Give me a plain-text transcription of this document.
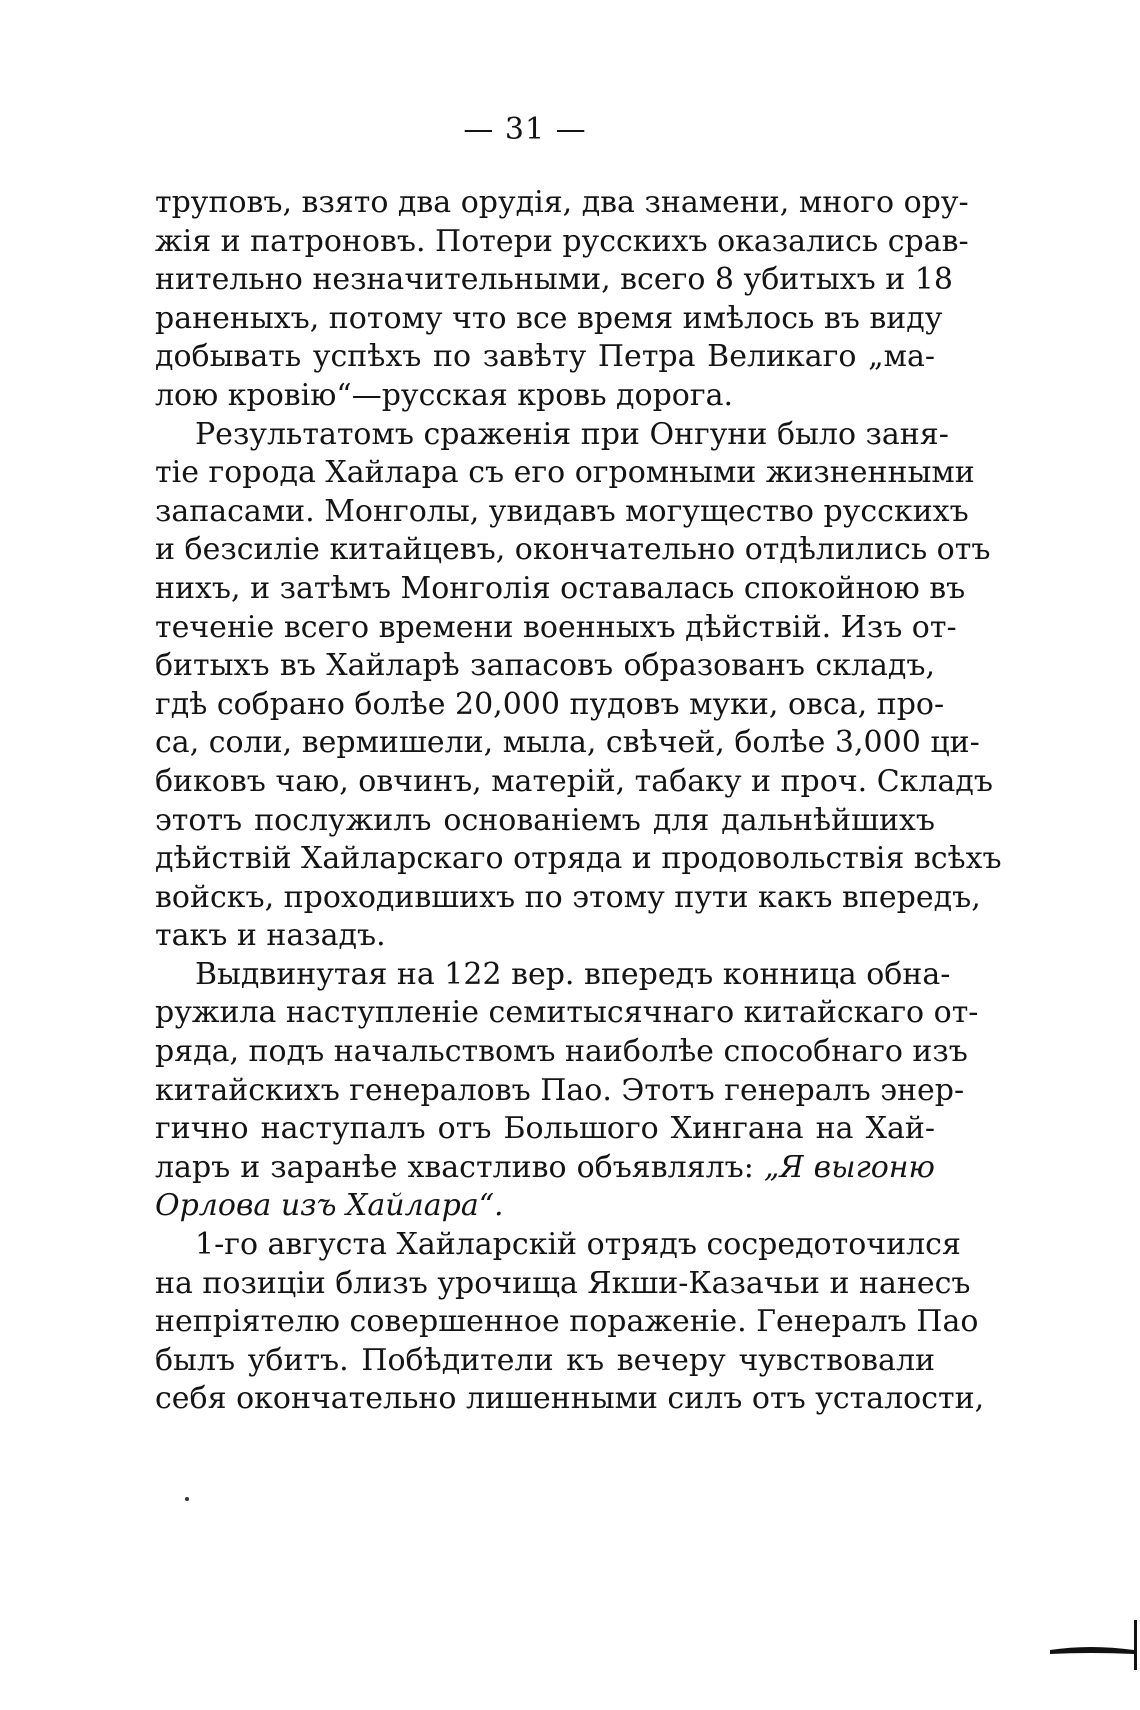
— 31 —
труповъ, взято два орудія, два знамени, много ору-
жія и патроновъ. Потери русскихъ оказались срав-
нительно незначительными, всего 8 убитыхъ и 18
раненыхъ, потому что все время имѣлось въ виду
добывать успѣхъ по завѣту Петра Великаго „ма-
лою кровію“—русская кровь дорога.
Результатомъ сраженія при Онгуни было заня-
тіе города Хайлара съ его огромными жизненными
запасами. Монголы, увидавъ могущество русскихъ
и безсиліе китайцевъ, окончательно отдѣлились отъ
нихъ, и затѣмъ Монголія оставалась спокойною въ
теченіе всего времени военныхъ дѣйствій. Изъ от-
битыхъ въ Хайларѣ запасовъ образованъ складъ,
гдѣ собрано болѣе 20,000 пудовъ муки, овса, про-
са, соли, вермишели, мыла, свѣчей, болѣе 3,000 ци-
биковъ чаю, овчинъ, матерій, табаку и проч. Складъ
этотъ послужилъ основаніемъ для дальнѣйшихъ
дѣйствій Хайларскаго отряда и продовольствія всѣхъ
войскъ, проходившихъ по этому пути какъ впередъ,
такъ и назадъ.
Выдвинутая на 122 вер. впередъ конница обна-
ружила наступленіе семитысячнаго китайскаго от-
ряда, подъ начальствомъ наиболѣе способнаго изъ
китайскихъ генераловъ Пао. Этотъ генералъ энер-
гично наступалъ отъ Большого Хингана на Хай-
ларъ и заранѣе хвастливо объявлялъ: „Я выгоню
Орлова изъ Хайлара“.
1-го августа Хайларскій отрядъ сосредоточился
на позиціи близъ урочища Якши-Казачьи и нанесъ
непріятелю совершенное пораженіе. Генералъ Пао
былъ убитъ. Побѣдители къ вечеру чувствовали
себя окончательно лишенными силъ отъ усталости,
